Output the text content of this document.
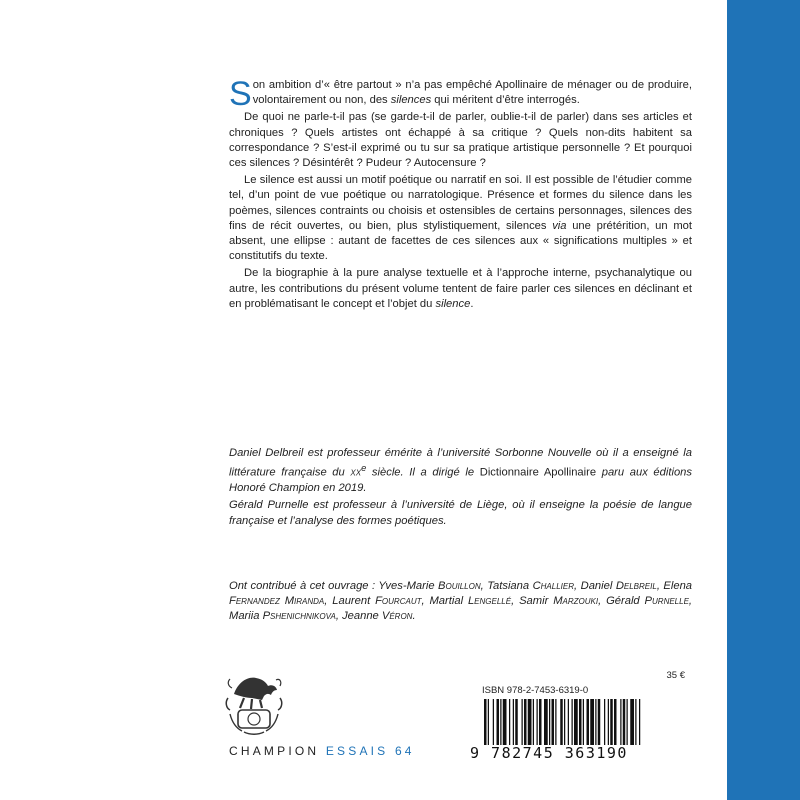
Son ambition d’« être partout » n’a pas empêché Apollinaire de ménager ou de produire, volontairement ou non, des silences qui méritent d’être interrogés.

De quoi ne parle-t-il pas (se garde-t-il de parler, oublie-t-il de parler) dans ses articles et chroniques ? Quels artistes ont échappé à sa critique ? Quels non-dits habitent sa correspondance ? S’est-il exprimé ou tu sur sa pratique artistique personnelle ? Et pourquoi ces silences ? Désintérêt ? Pudeur ? Autocensure ?

Le silence est aussi un motif poétique ou narratif en soi. Il est possible de l’étudier comme tel, d’un point de vue poétique ou narratologique. Présence et formes du silence dans les poèmes, silences contraints ou choisis et ostensibles de certains personnages, silences des fins de récit ouvertes, ou bien, plus stylistiquement, silences via une prétérition, un mot absent, une ellipse : autant de facettes de ces silences aux « significations multiples » et constitutifs du texte.

De la biographie à la pure analyse textuelle et à l’approche interne, psychanalytique ou autre, les contributions du présent volume tentent de faire parler ces silences en déclinant et en problématisant le concept et l’objet du silence.

Daniel Delbreil est professeur émérite à l’université Sorbonne Nouvelle où il a enseigné la littérature française du $xx^e$ siècle. Il a dirigé le Dictionnaire Apollinaire paru aux éditions Honoré Champion en 2019.

Gérald Purnelle est professeur à l’université de Liège, où il enseigne la poésie de langue française et l’analyse des formes poétiques.

Ont contribué à cet ouvrage : Yves-Marie Bouillon, Tatsiana Challier, Daniel Delbreil, Elena Fernandez Miranda, Laurent Fourcaut, Martial Lengellé, Samir Marzouki, Gérald Purnelle, Mariia Pshenichnikova, Jeanne Véron.
CHAMPION ESSAIS 64
35 €
ISBN 978-2-7453-6319-0
9 782745 363190
